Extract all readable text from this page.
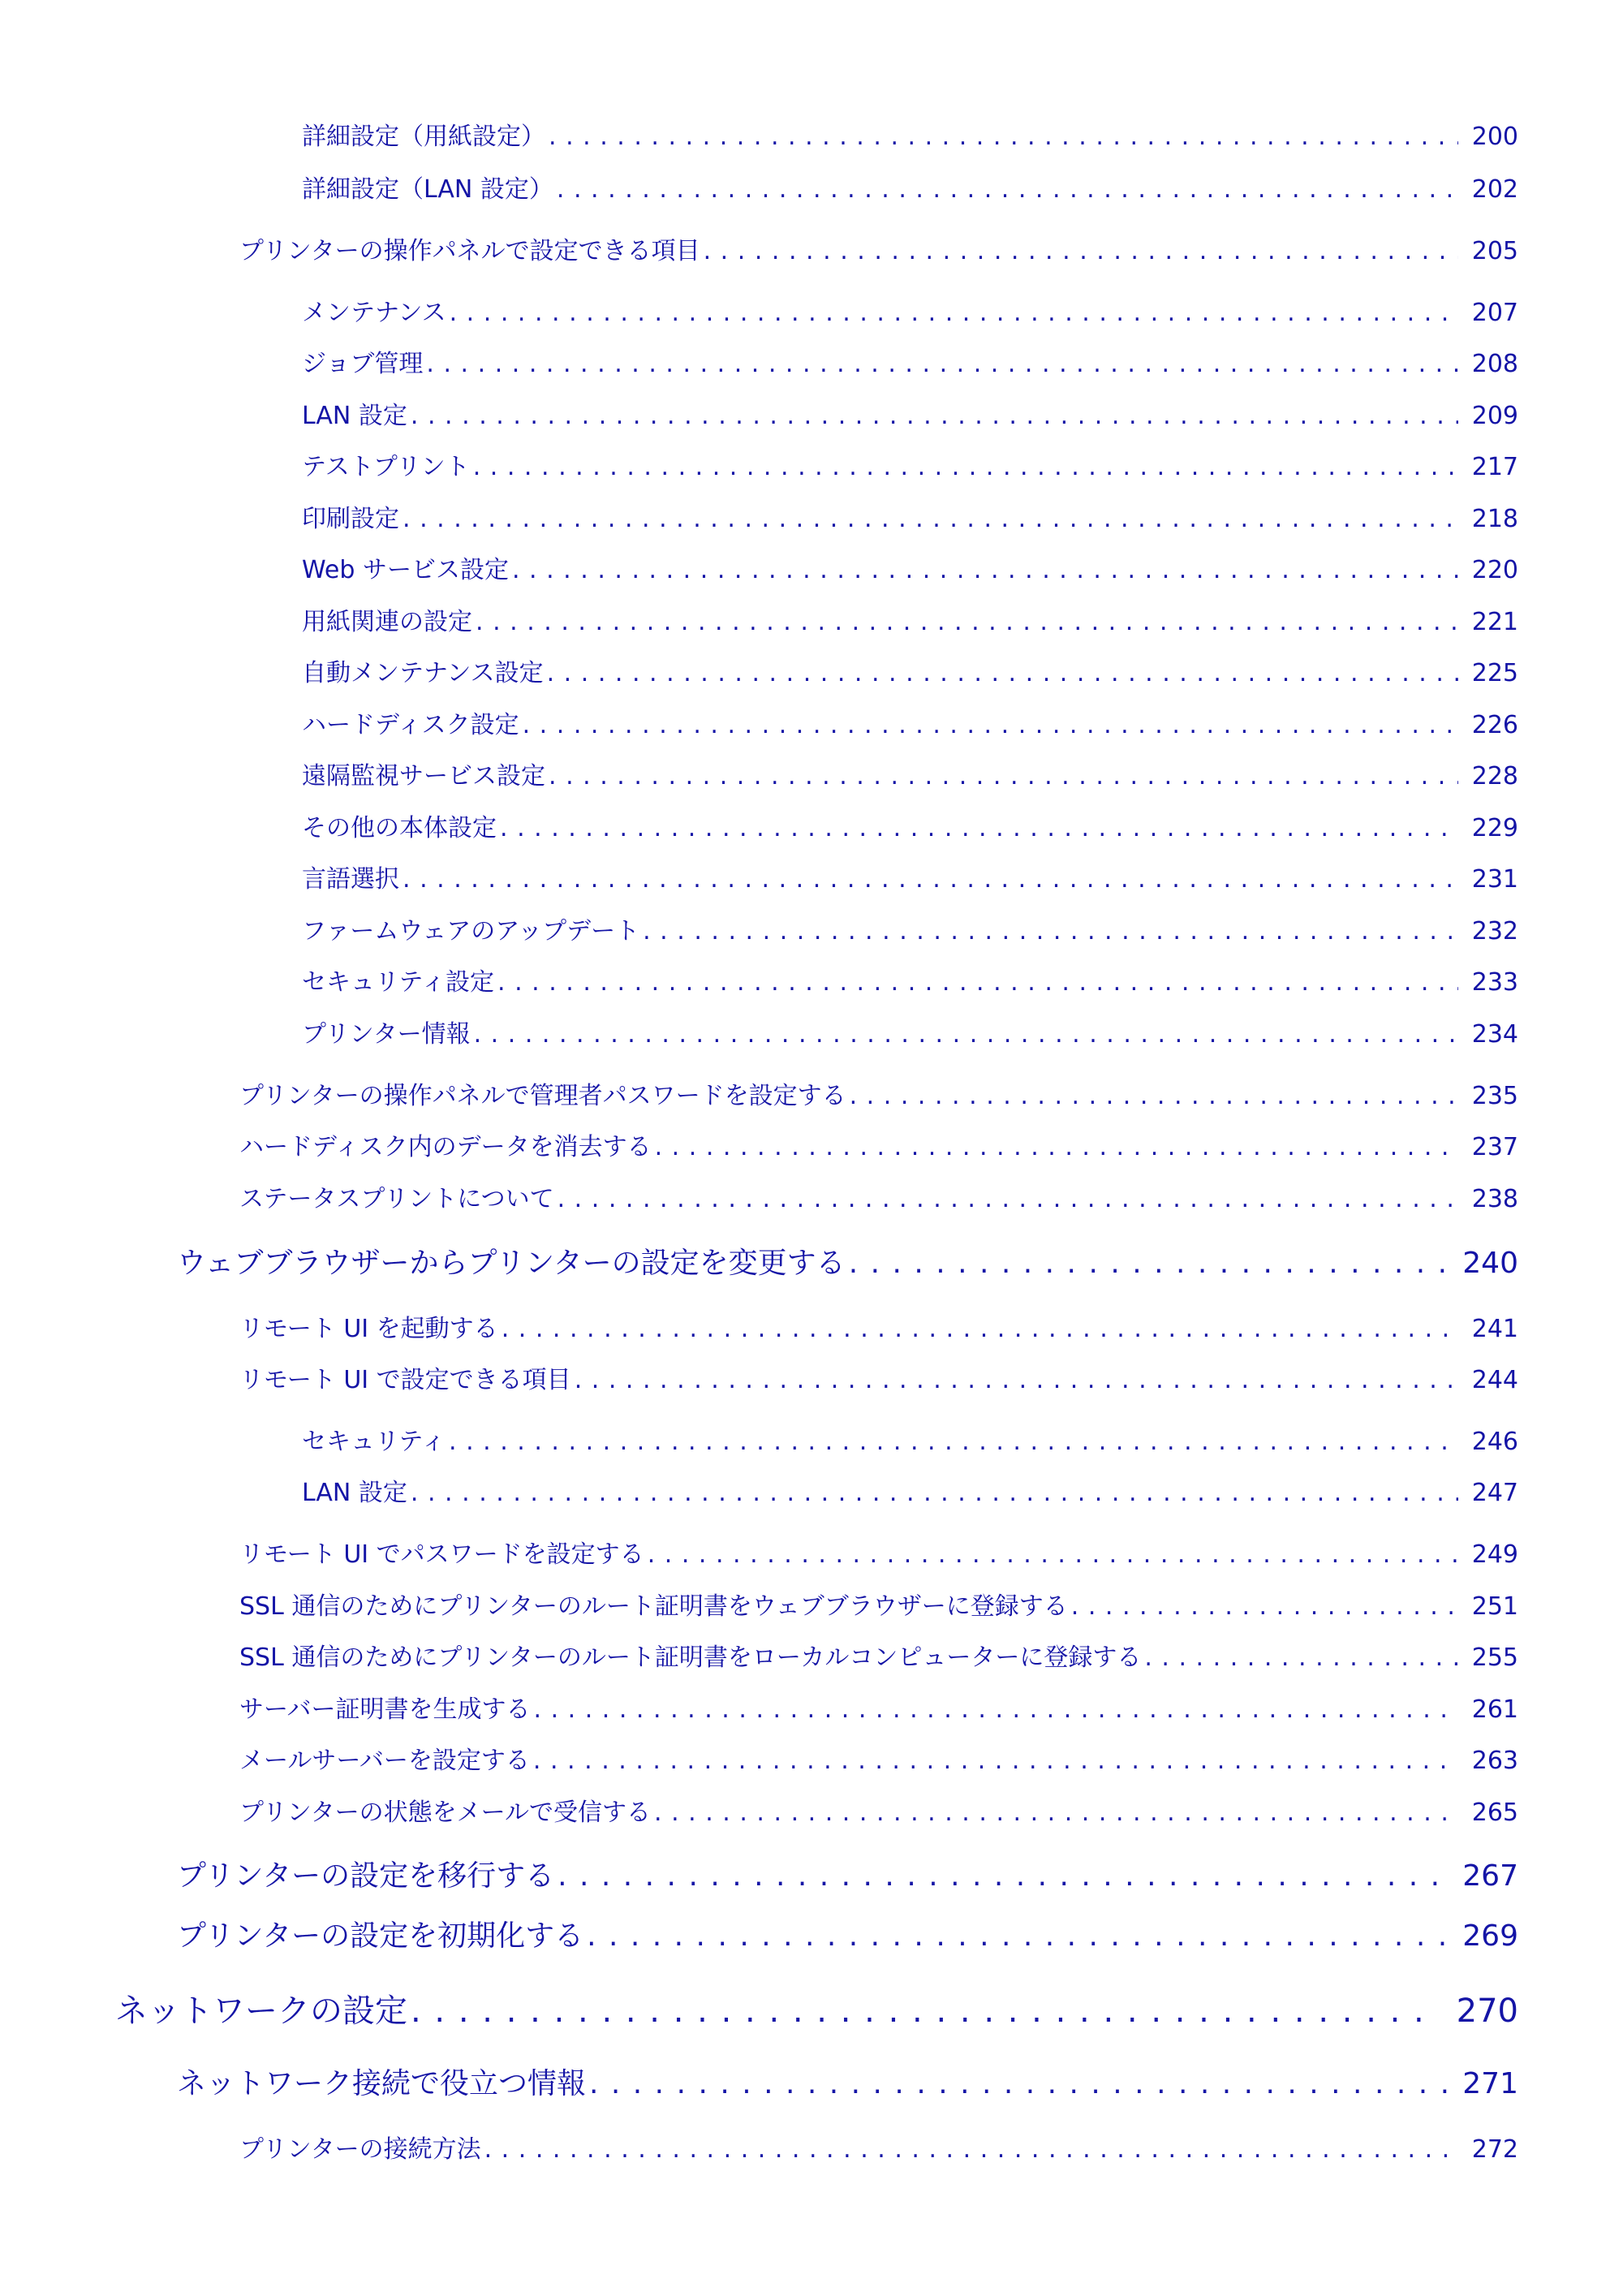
詳細設定（用紙設定） . . .	200
詳細設定（LAN 設定） . . .	202
プリンターの操作パネルで設定できる項目 . . .	205
メンテナンス . . .	207
ジョブ管理 . . .	208
LAN 設定 . . .	209
テストプリント . . .	217
印刷設定 . . .	218
Web サービス設定 . . .	220
用紙関連の設定 . . .	221
自動メンテナンス設定 . . .	225
ハードディスク設定 . . .	226
遠隔監視サービス設定 . . .	228
その他の本体設定 . . .	229
言語選択 . . .	231
ファームウェアのアップデート . . .	232
セキュリティ設定 . . .	233
プリンター情報 . . .	234
プリンターの操作パネルで管理者パスワードを設定する . . .	235
ハードディスク内のデータを消去する . . .	237
ステータスプリントについて . . .	238
ウェブブラウザーからプリンターの設定を変更する . . .	240
リモート UI を起動する . . .	241
リモート UI で設定できる項目 . . .	244
セキュリティ . . .	246
LAN 設定 . . .	247
リモート UI でパスワードを設定する . . .	249
SSL 通信のためにプリンターのルート証明書をウェブブラウザーに登録する . . .	251
SSL 通信のためにプリンターのルート証明書をローカルコンピューターに登録する . . .	255
サーバー証明書を生成する . . .	261
メールサーバーを設定する . . .	263
プリンターの状態をメールで受信する . . .	265
プリンターの設定を移行する . . .	267
プリンターの設定を初期化する . . .	269
ネットワークの設定 . . .	270
ネットワーク接続で役立つ情報 . . .	271
プリンターの接続方法 . . .	272
